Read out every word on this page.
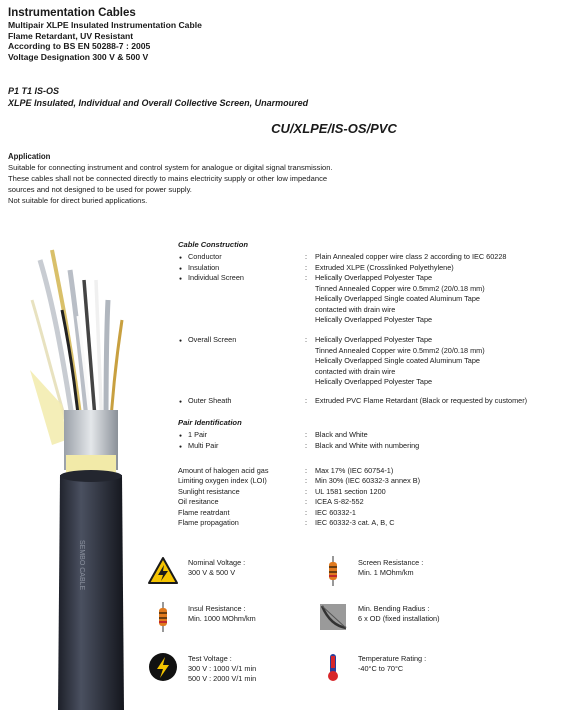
Instrumentation Cables
Multipair XLPE Insulated Instrumentation Cable
Flame Retardant, UV Resistant
According to BS EN 50288-7 : 2005
Voltage Designation 300 V & 500 V
P1 T1 IS-OS
XLPE Insulated, Individual and Overall Collective Screen, Unarmoured
CU/XLPE/IS-OS/PVC
Application
Suitable for connecting instrument and control system for analogue or digital signal transmission.
These cables shall not be connected directly to mains electricity supply or other low impedance
sources and not designed to be used for power supply.
Not suitable for direct buried applications.
SEMBO CABLE
Cable Construction
● Conductor	: Plain Annealed copper wire class 2 according to IEC 60228
● Insulation	: Extruded XLPE (Crosslinked Polyethylene)
● Individual Screen	: Helically Overlapped Polyester Tape
Tinned Annealed Copper wire 0.5mm2 (20/0.18 mm)
Helically Overlapped Single coated Aluminum Tape
contacted with drain wire
Helically Overlapped Polyester Tape
● Overall Screen	: Helically Overlapped Polyester Tape
Tinned Annealed Copper wire 0.5mm2 (20/0.18 mm)
Helically Overlapped Single coated Aluminum Tape
contacted with drain wire
Helically Overlapped Polyester Tape
● Outer Sheath	: Extruded PVC Flame Retardant (Black or requested by customer)
Pair Identification
● 1 Pair	: Black and White
● Multi Pair	: Black and White with numbering
Amount of halogen acid gas	: Max 17% (IEC 60754-1)
Limiting oxygen index (LOI)	: Min 30% (IEC 60332-3 annex B)
Sunlight resistance	: UL 1581 section 1200
Oil resitance	: ICEA S-82-552
Flame reatrdant	: IEC 60332-1
Flame propagation	: IEC 60332-3 cat. A, B, C
Nominal Voltage :
300 V & 500 V
Screen Resistance :
Min. 1 MOhm/km
Insul Resistance :
Min. 1000 MOhm/km
Min. Bending Radius :
6 x OD (fixed installation)
Test Voltage :
300 V : 1000 V/1 min
500 V : 2000 V/1 min
Temperature Rating :
-40°C to 70°C
